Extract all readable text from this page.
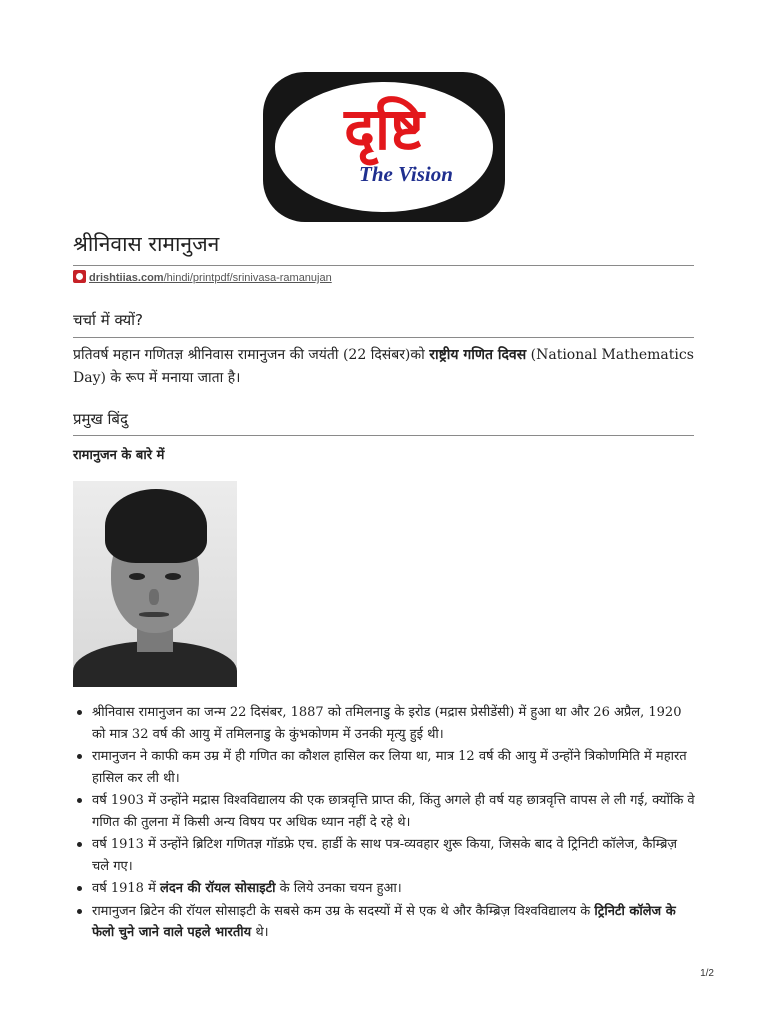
दृष्टि
The Vision
श्रीनिवास रामानुजन
drishtiias.com/hindi/printpdf/srinivasa-ramanujan
चर्चा में क्यों?

प्रतिवर्ष महान गणितज्ञ श्रीनिवास रामानुजन की जयंती (22 दिसंबर)को राष्ट्रीय गणित दिवस (National Mathematics Day) के रूप में मनाया जाता है।

प्रमुख बिंदु
रामानुजन के बारे में
श्रीनिवास रामानुजन का जन्म 22 दिसंबर, 1887 को तमिलनाडु के इरोड (मद्रास प्रेसीडेंसी) में हुआ था और 26 अप्रैल, 1920 को मात्र 32 वर्ष की आयु में तमिलनाडु के कुंभकोणम में उनकी मृत्यु हुई थी।
रामानुजन ने काफी कम उम्र में ही गणित का कौशल हासिल कर लिया था, मात्र 12 वर्ष की आयु में उन्होंने त्रिकोणमिति में महारत हासिल कर ली थी।
वर्ष 1903 में उन्होंने मद्रास विश्वविद्यालय की एक छात्रवृत्ति प्राप्त की, किंतु अगले ही वर्ष यह छात्रवृत्ति वापस ले ली गई, क्योंकि वे गणित की तुलना में किसी अन्य विषय पर अधिक ध्यान नहीं दे रहे थे।
वर्ष 1913 में उन्होंने ब्रिटिश गणितज्ञ गॉडफ्रे एच. हार्डी के साथ पत्र-व्यवहार शुरू किया, जिसके बाद वे ट्रिनिटी कॉलेज, कैम्ब्रिज़ चले गए।
वर्ष 1918 में लंदन की रॉयल सोसाइटी के लिये उनका चयन हुआ।
रामानुजन ब्रिटेन की रॉयल सोसाइटी के सबसे कम उम्र के सदस्यों में से एक थे और कैम्ब्रिज़ विश्वविद्यालय के ट्रिनिटी कॉलेज के फेलो चुने जाने वाले पहले भारतीय थे।
1/2
